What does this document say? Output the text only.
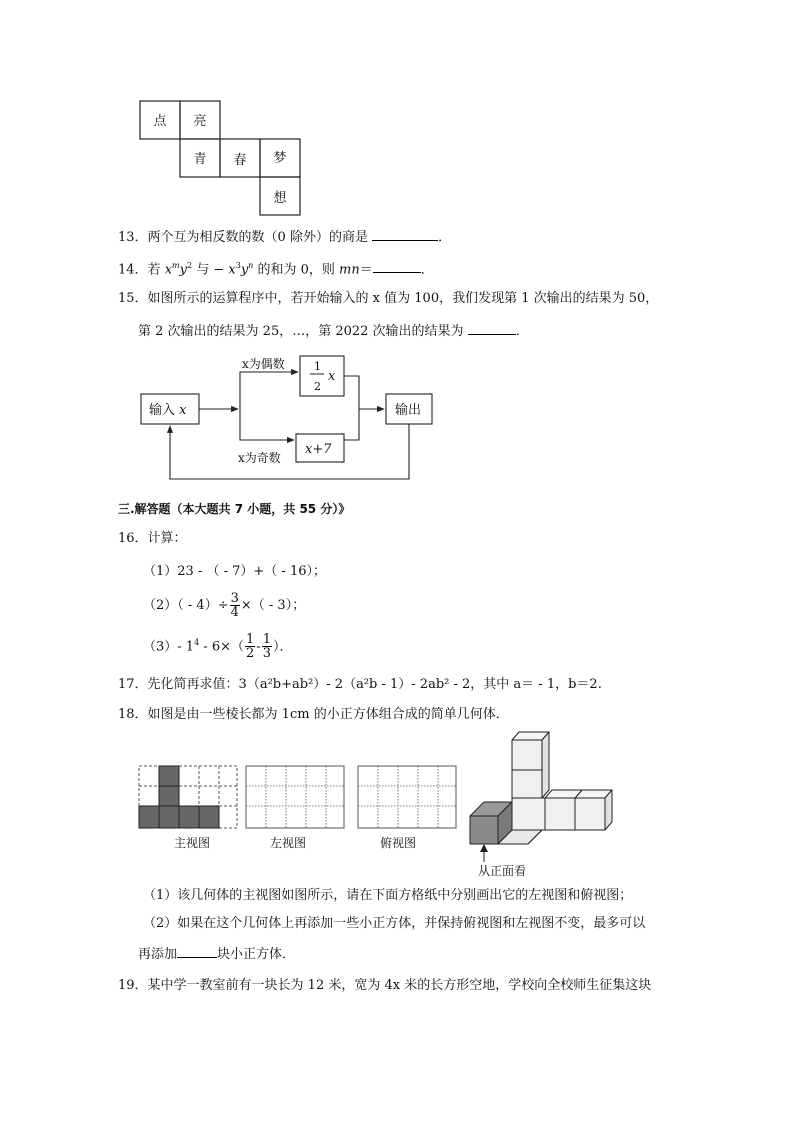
点 亮
青 春 梦
想
13．两个互为相反数的数（0 除外）的商是	．
14．若 $x^my^2$ 与 − $x^3y^n$ 的和为 0，则 mn＝	．
15．如图所示的运算程序中，若开始输入的 x 值为 100，我们发现第 1 次输出的结果为 50，
第 2 次输出的结果为 25，…，第 2022 次输出的结果为	．
输入 x
x为偶数
x为奇数
1
2
x
x+7
输出
三.解答题（本大题共 7 小题，共 55 分）》
16．计算：
（1）23 - （ - 7）+（ - 16）；
$(2)( - 4)\div \frac{3}{4}$ ×（ - 3）；
（3）- $1^4 - 6\times( \frac{1}{2} - \frac{1}{3}$ ）．
17．先化简再求值：3（a²b+ab²）- 2（a²b - 1）- 2ab² - 2，其中 a＝ - 1，b＝2.
18．如图是由一些棱长都为 1cm 的小正方体组合成的简单几何体．
主视图	左视图	俯视图
从正面看
（1）该几何体的主视图如图所示，请在下面方格纸中分别画出它的左视图和俯视图；
（2）如果在这个几何体上再添加一些小正方体，并保持俯视图和左视图不变，最多可以
再添加	块小正方体．
19．某中学一教室前有一块长为 12 米，宽为 4x 米的长方形空地，学校向全校师生征集这块
